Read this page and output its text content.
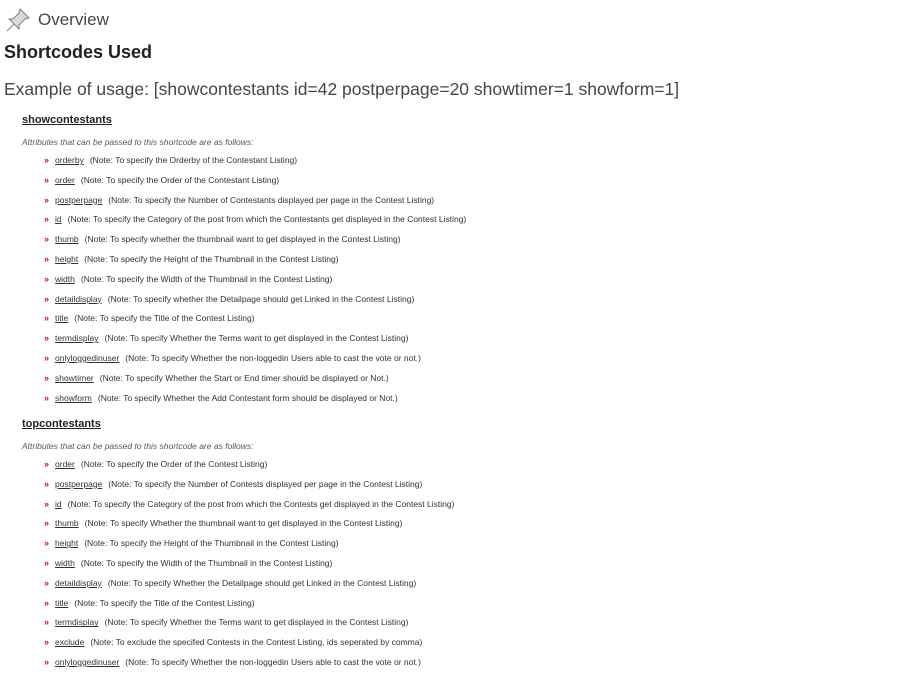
Overview
Shortcodes Used
Example of usage: [showcontestants id=42 postperpage=20 showtimer=1 showform=1]
showcontestants
Attributes that can be passed to this shortcode are as follows:
» orderby (Note: To specify the Orderby of the Contestant Listing)
» order (Note: To specify the Order of the Contestant Listing)
» postperpage (Note: To specify the Number of Contestants displayed per page in the Contest Listing)
» id (Note: To specify the Category of the post from which the Contestants get displayed in the Contest Listing)
» thumb (Note: To specify whether the thumbnail want to get displayed in the Contest Listing)
» height (Note: To specify the Height of the Thumbnail in the Contest Listing)
» width (Note: To specify the Width of the Thumbnail in the Contest Listing)
» detaildisplay (Note: To specify whether the Detailpage should get Linked in the Contest Listing)
» title (Note: To specify the Title of the Contest Listing)
» termdisplay (Note: To specify Whether the Terms want to get displayed in the Contest Listing)
» onlyloggedinuser (Note: To specify Whether the non-loggedin Users able to cast the vote or not.)
» showtimer (Note: To specify Whether the Start or End timer should be displayed or Not.)
» showform (Note: To specify Whether the Add Contestant form should be displayed or Not.)
topcontestants
Attributes that can be passed to this shortcode are as follows:
» order (Note: To specify the Order of the Contest Listing)
» postperpage (Note: To specify the Number of Contests displayed per page in the Contest Listing)
» id (Note: To specify the Category of the post from which the Contests get displayed in the Contest Listing)
» thumb (Note: To specify Whether the thumbnail want to get displayed in the Contest Listing)
» height (Note: To specify the Height of the Thumbnail in the Contest Listing)
» width (Note: To specify the Width of the Thumbnail in the Contest Listing)
» detaildisplay (Note: To specify Whether the Detailpage should get Linked in the Contest Listing)
» title (Note: To specify the Title of the Contest Listing)
» termdisplay (Note: To specify Whether the Terms want to get displayed in the Contest Listing)
» exclude (Note: To exclude the specifed Contests in the Contest Listing, ids seperated by comma)
» onlyloggedinuser (Note: To specify Whether the non-loggedin Users able to cast the vote or not.)
